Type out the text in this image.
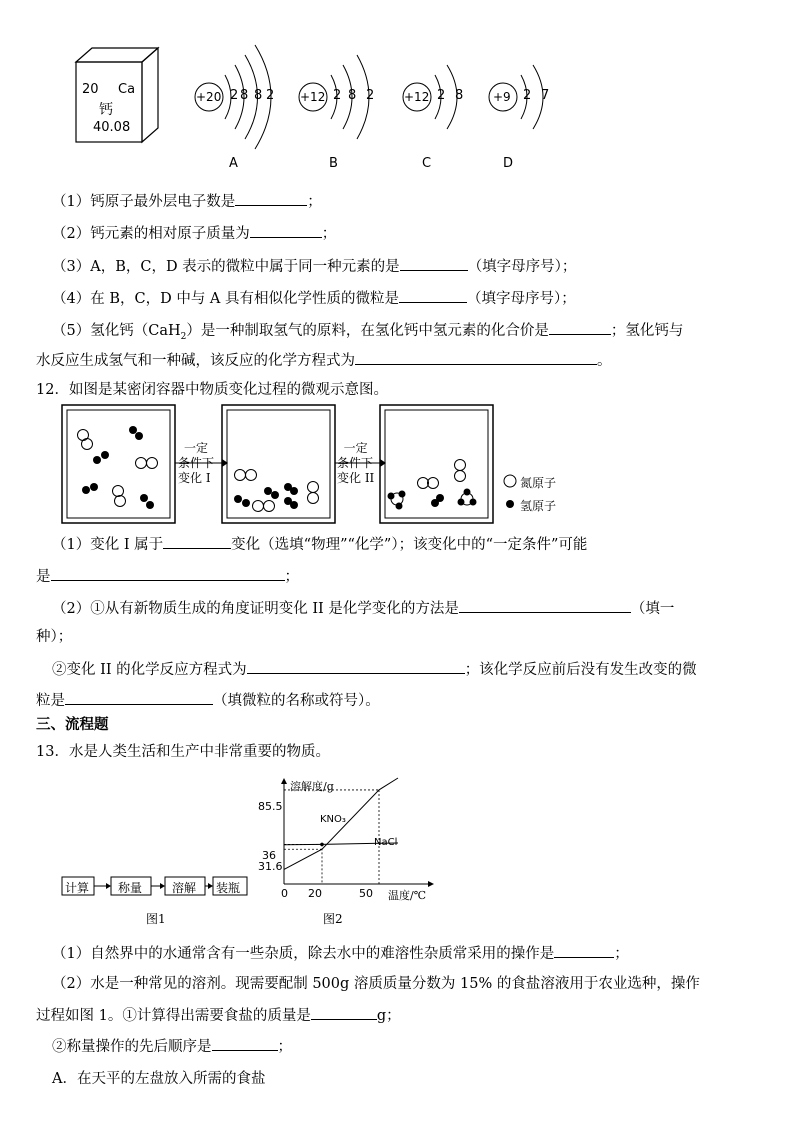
20 Ca
钙
40.08
+20 2 8 8 2 +12 2 8 2 +12 2 8 +9 2 7
A	B	C	D
（1）钙原子最外层电子数是	；
（2）钙元素的相对原子质量为	；
（3）A，B，C，D 表示的微粒中属于同一种元素的是	（填字母序号）；
（4）在 B，C，D 中与 A 具有相似化学性质的微粒是	（填字母序号）；
（5）氢化钙（CaH$_2$）是一种制取氢气的原料，在氢化钙中氢元素的化合价是	；氢化钙与
水反应生成氢气和一种碱，该反应的化学方程式为	。
12．如图是某密闭容器中物质变化过程的微观示意图。
一定
条件下
变化 I
一定
条件下
变化 II	氮原子
氢原子
（1）变化 I 属于	变化（选填“物理”“化学”）；该变化中的“一定条件”可能
是	；
（2）①从有新物质生成的角度证明变化 II 是化学变化的方法是	（填一
种）；
②变化 II 的化学反应方程式为	；该化学反应前后没有发生改变的微
粒是	（填微粒的名称或符号）。
三、流程题
13．水是人类生活和生产中非常重要的物质。
计算 称量 溶解 装瓶
图1
溶解度/g
85.5
36
31.6
0 20	50 温度/℃
KNO₃
NaCl
图2
（1）自然界中的水通常含有一些杂质，除去水中的难溶性杂质常采用的操作是	；
（2）水是一种常见的溶剂。现需要配制 500g 溶质质量分数为 15% 的食盐溶液用于农业选种，操作
过程如图 1。①计算得出需要食盐的质量是	g；
②称量操作的先后顺序是	；
A．在天平的左盘放入所需的食盐
